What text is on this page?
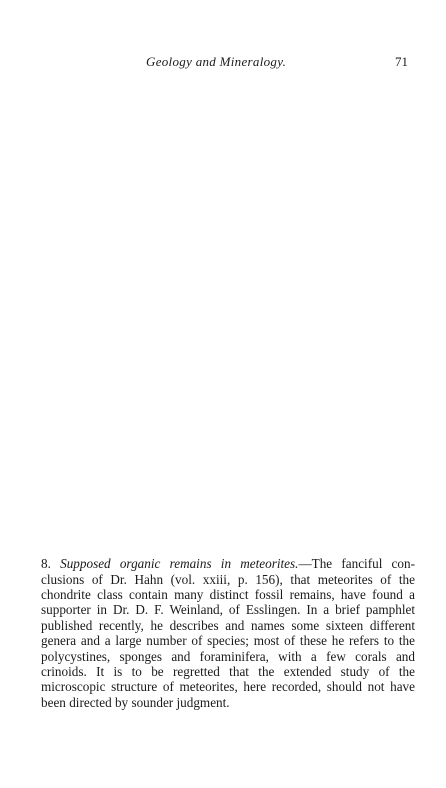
Geology and Mineralogy.	71

8. Supposed organic remains in meteorites.—The fanciful con-clusions of Dr. Hahn (vol. xxiii, p. 156), that meteorites of the chondrite class contain many distinct fossil remains, have found a supporter in Dr. D. F. Weinland, of Esslingen. In a brief pamphlet published recently, he describes and names some sixteen different genera and a large number of species; most of these he refers to the polycystines, sponges and foraminifera, with a few corals and crinoids. It is to be regretted that the extended study of the microscopic structure of meteorites, here recorded, should not have been directed by sounder judgment.
